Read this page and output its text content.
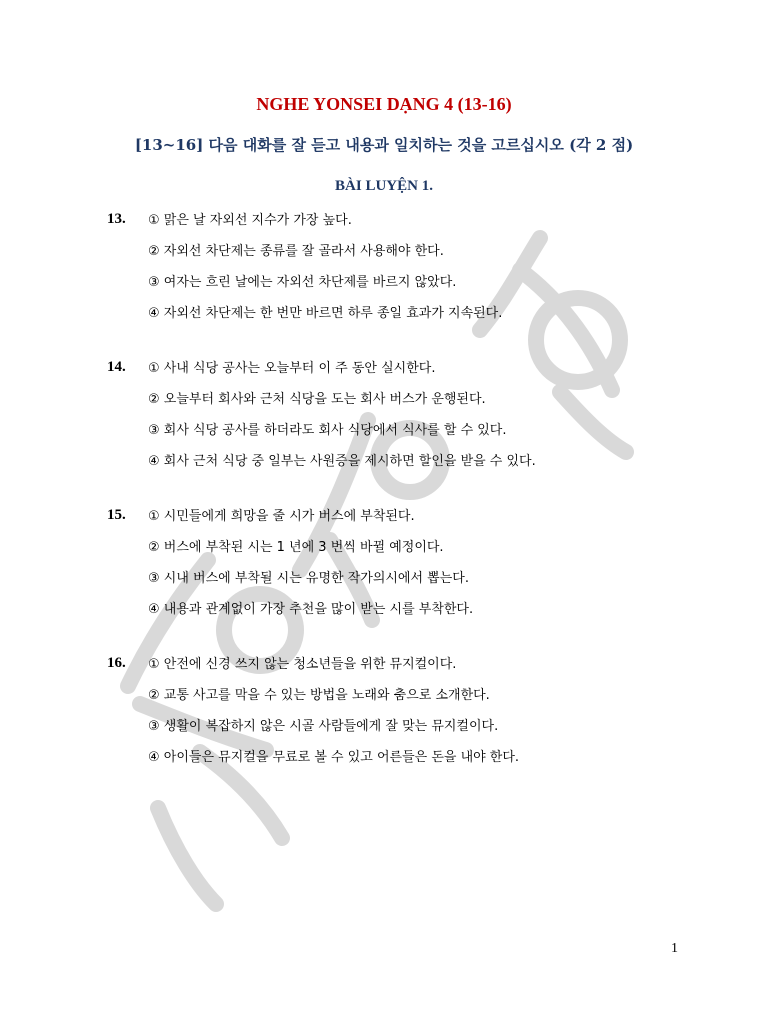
NGHE YONSEI DẠNG 4 (13-16)
[13~16] 다음 대화를 잘 듣고 내용과 일치하는 것을 고르십시오 (각 2 점)
BÀI LUYỆN 1.
13. ① 맑은 날 자외선 지수가 가장 높다.
② 자외선 차단제는 종류를 잘 골라서 사용해야 한다.
③ 여자는 흐린 날에는 자외선 차단제를 바르지 않았다.
④ 자외선 차단제는 한 번만 바르면 하루 종일 효과가 지속된다.
14. ① 사내 식당 공사는 오늘부터 이 주 동안 실시한다.
② 오늘부터 회사와 근처 식당을 도는 회사 버스가 운행된다.
③ 회사 식당 공사를 하더라도 회사 식당에서 식사를 할 수 있다.
④ 회사 근처 식당 중 일부는 사원증을 제시하면 할인을 받을 수 있다.
15. ① 시민들에게 희망을 줄 시가 버스에 부착된다.
② 버스에 부착된 시는 1 년에 3 번씩 바뀔 예정이다.
③ 시내 버스에 부착될 시는 유명한 작가의시에서 뽑는다.
④ 내용과 관계없이 가장 추천을 많이 받는 시를 부착한다.
16. ① 안전에 신경 쓰지 않는 청소년들을 위한 뮤지컬이다.
② 교통 사고를 막을 수 있는 방법을 노래와 춤으로 소개한다.
③ 생활이 복잡하지 않은 시골 사람들에게 잘 맞는 뮤지컬이다.
④ 아이들은 뮤지컬을 무료로 볼 수 있고 어른들은 돈을 내야 한다.
1
